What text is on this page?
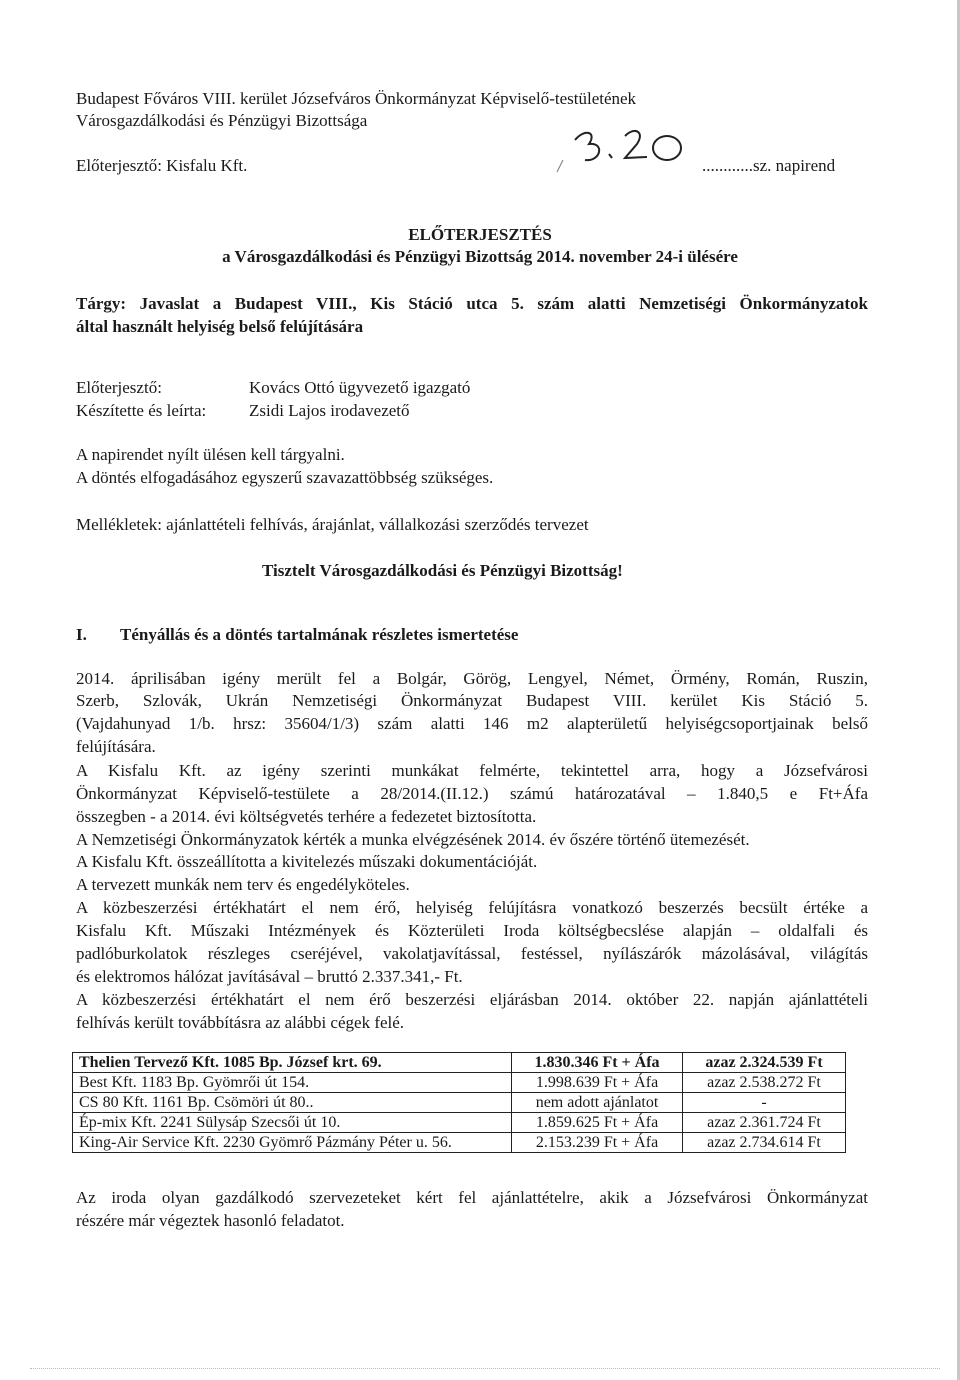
Budapest Főváros VIII. kerület Józsefváros Önkormányzat Képviselő-testületének
Városgazdálkodási és Pénzügyi Bizottsága
Előterjesztő: Kisfalu Kft.	............sz. napirend
ELŐTERJESZTÉS
a Városgazdálkodási és Pénzügyi Bizottság 2014. november 24-i ülésére
Tárgy: Javaslat a Budapest VIII., Kis Stáció utca 5. szám alatti Nemzetiségi Önkormányzatok
által használt helyiség belső felújítására
Előterjesztő:	Kovács Ottó ügyvezető igazgató
Készítette és leírta:	Zsidi Lajos irodavezető
A napirendet nyílt ülésen kell tárgyalni.
A döntés elfogadásához egyszerű szavazattöbbség szükséges.
Mellékletek: ajánlattételi felhívás, árajánlat, vállalkozási szerződés tervezet
Tisztelt Városgazdálkodási és Pénzügyi Bizottság!
I. Tényállás és a döntés tartalmának részletes ismertetése
2014. áprilisában igény merült fel a Bolgár, Görög, Lengyel, Német, Örmény, Román, Ruszin,
Szerb, Szlovák, Ukrán Nemzetiségi Önkormányzat Budapest VIII. kerület Kis Stáció 5.
(Vajdahunyad 1/b. hrsz: 35604/1/3) szám alatti 146 m2 alapterületű helyiségcsoportjainak belső
felújítására.
A Kisfalu Kft. az igény szerinti munkákat felmérte, tekintettel arra, hogy a Józsefvárosi
Önkormányzat Képviselő-testülete a 28/2014.(II.12.) számú határozatával – 1.840,5 e Ft+Áfa
összegben - a 2014. évi költségvetés terhére a fedezetet biztosította.
A Nemzetiségi Önkormányzatok kérték a munka elvégzésének 2014. év őszére történő ütemezését.
A Kisfalu Kft. összeállította a kivitelezés műszaki dokumentációját.
A tervezett munkák nem terv és engedélyköteles.
A közbeszerzési értékhatárt el nem érő, helyiség felújításra vonatkozó beszerzés becsült értéke a
Kisfalu Kft. Műszaki Intézmények és Közterületi Iroda költségbecslése alapján – oldalfali és
padlóburkolatok részleges cseréjével, vakolatjavítással, festéssel, nyílászárók mázolásával, világítás
és elektromos hálózat javításával – bruttó 2.337.341,- Ft.
A közbeszerzési értékhatárt el nem érő beszerzési eljárásban 2014. október 22. napján ajánlattételi
felhívás került továbbításra az alábbi cégek felé.
Thelien Tervező Kft. 1085 Bp. József krt. 69.	1.830.346 Ft + Áfa	azaz 2.324.539 Ft
Best Kft. 1183 Bp. Gyömrői út 154.	1.998.639 Ft + Áfa	azaz 2.538.272 Ft
CS 80 Kft. 1161 Bp. Csömöri út 80..	nem adott ajánlatot	-
Ép-mix Kft. 2241 Sülysáp Szecsői út 10.	1.859.625 Ft + Áfa	azaz 2.361.724 Ft
King-Air Service Kft. 2230 Gyömrő Pázmány Péter u. 56.	2.153.239 Ft + Áfa	azaz 2.734.614 Ft
Az iroda olyan gazdálkodó szervezeteket kért fel ajánlattételre, akik a Józsefvárosi Önkormányzat
részére már végeztek hasonló feladatot.
